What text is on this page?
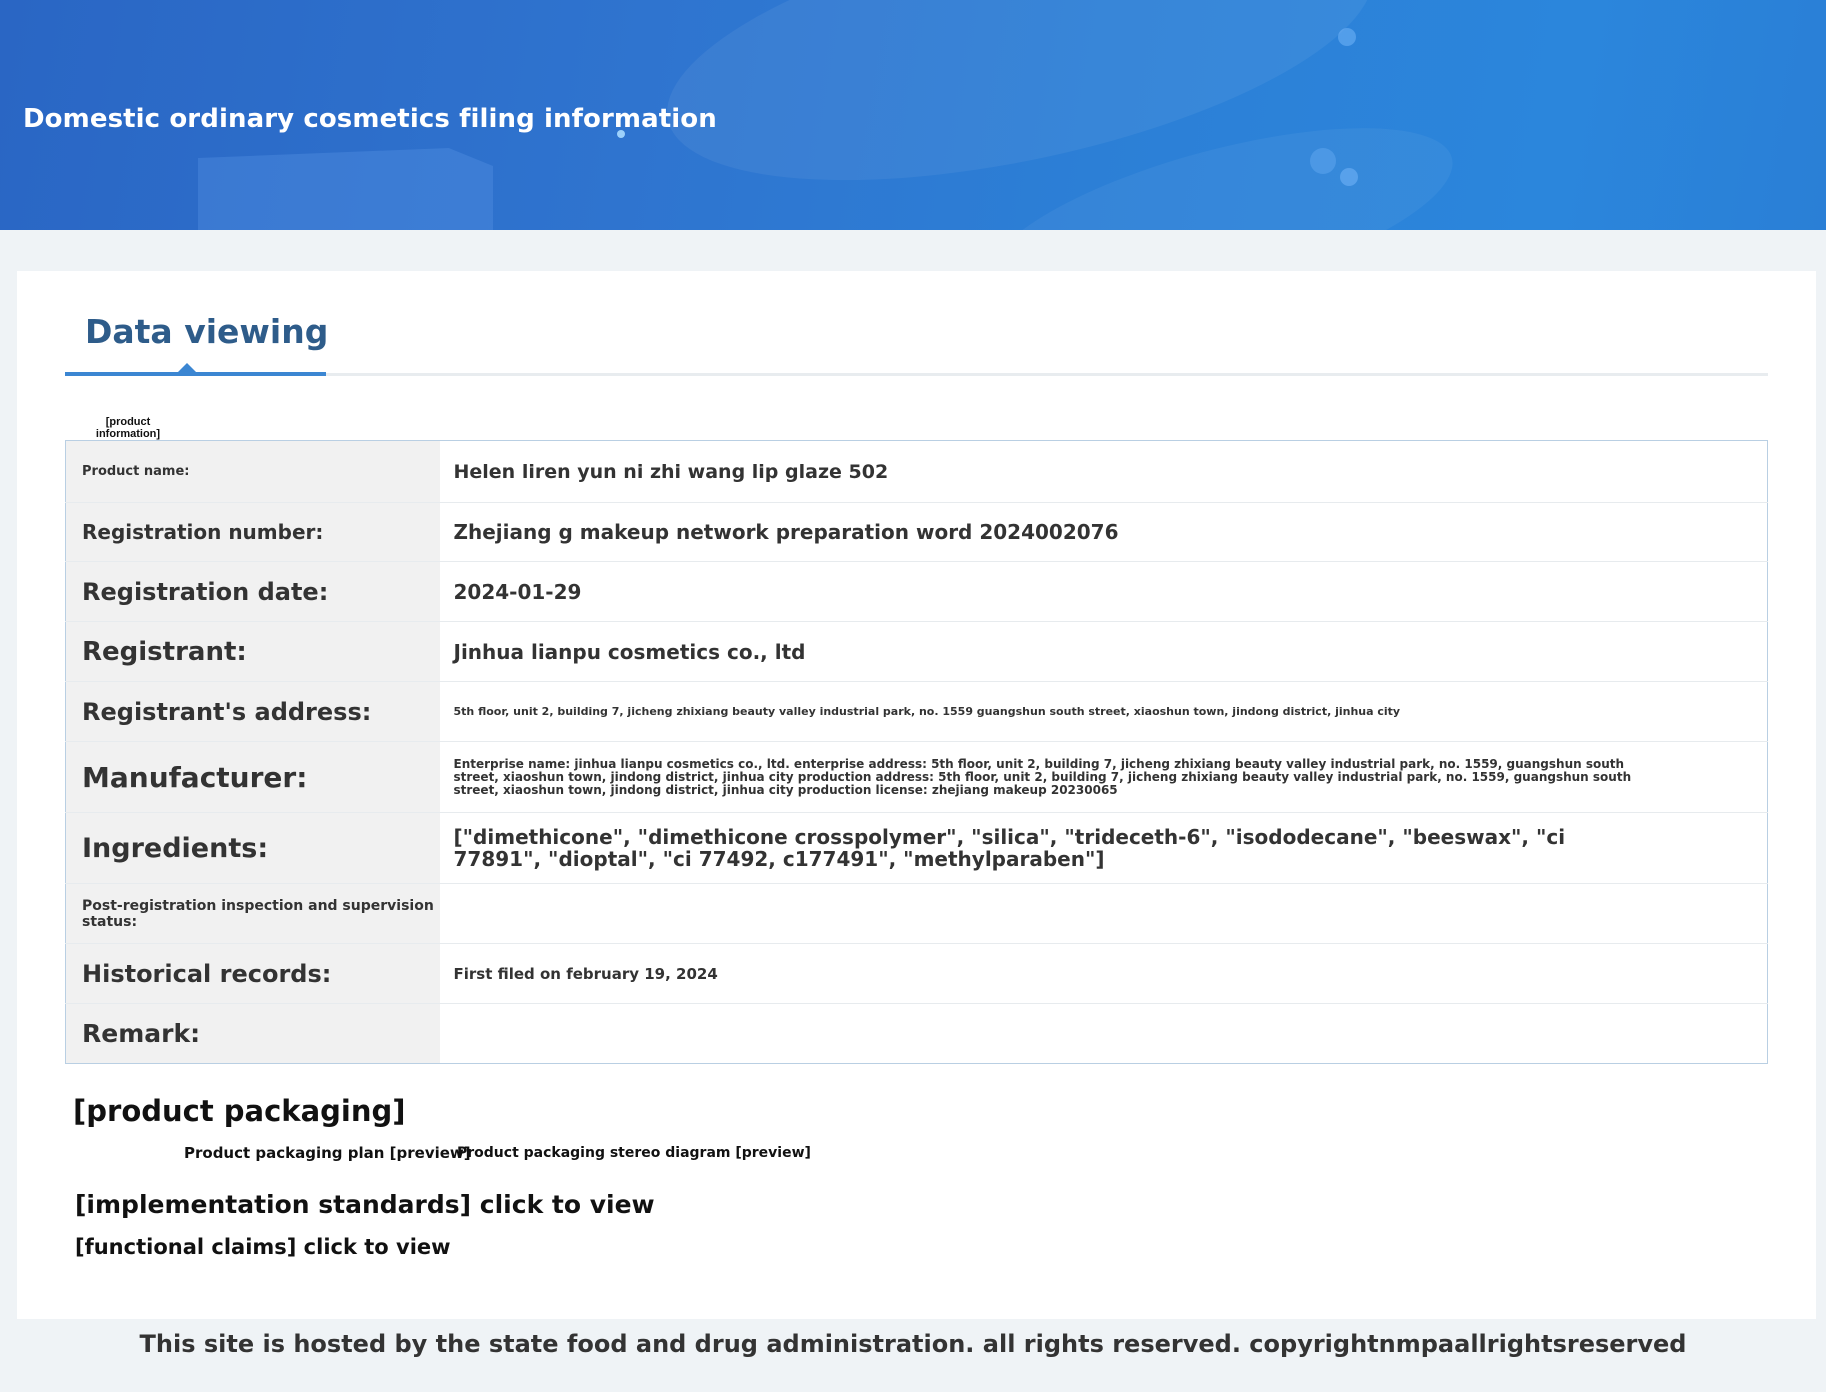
Domestic ordinary cosmetics filing information
Data viewing
[product information]
Product name:	Helen liren yun ni zhi wang lip glaze 502
Registration number:	Zhejiang g makeup network preparation word 2024002076
Registration date:	2024-01-29
Registrant:	Jinhua lianpu cosmetics co., ltd
Registrant's address:	5th floor, unit 2, building 7, jicheng zhixiang beauty valley industrial park, no. 1559 guangshun south street, xiaoshun town, jindong district, jinhua city
Manufacturer:	Enterprise name: jinhua lianpu cosmetics co., ltd. enterprise address: 5th floor, unit 2, building 7, jicheng zhixiang beauty valley industrial park, no. 1559, guangshun south street, xiaoshun town, jindong district, jinhua city production address: 5th floor, unit 2, building 7, jicheng zhixiang beauty valley industrial park, no. 1559, guangshun south street, xiaoshun town, jindong district, jinhua city production license: zhejiang makeup 20230065
Ingredients:	["dimethicone", "dimethicone crosspolymer", "silica", "trideceth-6", "isododecane", "beeswax", "ci 77891", "dioptal", "ci 77492, c177491", "methylparaben"]
Post-registration inspection and supervision status:	
Historical records:	First filed on february 19, 2024
Remark:	
[product packaging]
Product packaging plan [preview]
Product packaging stereo diagram [preview]
[implementation standards] click to view
[functional claims] click to view
This site is hosted by the state food and drug administration. all rights reserved. copyrightnmpaallrightsreserved
